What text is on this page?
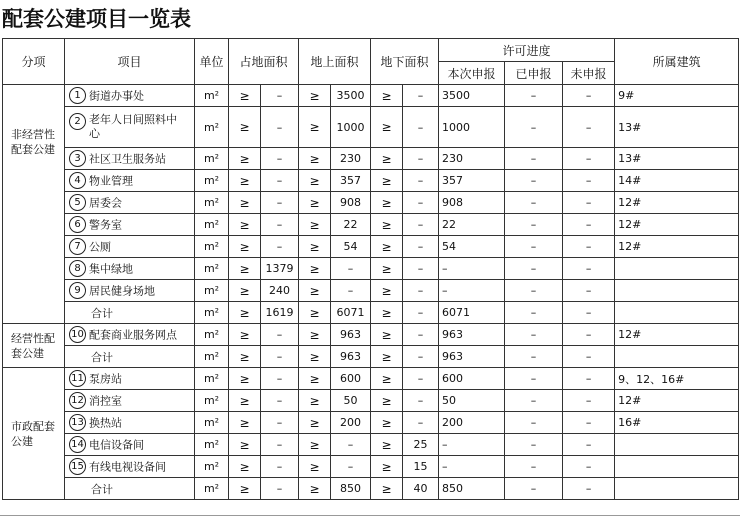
配套公建项目一览表
分项	项目	单位	占地面积		地上面积		地下面积		许可进度			所属建筑
									本次申报	已申报	未申报	
非经营性配套公建	1 街道办事处	m²	≥	–	≥	3500	≥	–	3500	–	–	9#
	2 老年人日间照料中心	m²	≥	–	≥	1000	≥	–	1000	–	–	13#
	3 社区卫生服务站	m²	≥	–	≥	230	≥	–	230	–	–	13#
	4 物业管理	m²	≥	–	≥	357	≥	–	357	–	–	14#
	5 居委会	m²	≥	–	≥	908	≥	–	908	–	–	12#
	6 警务室	m²	≥	–	≥	22	≥	–	22	–	–	12#
	7 公厕	m²	≥	–	≥	54	≥	–	54	–	–	12#
	8 集中绿地	m²	≥	1379	≥	–	≥	–	–	–	–	
	9 居民健身场地	m²	≥	240	≥	–	≥	–	–	–	–	
	合计	m²	≥	1619	≥	6071	≥	–	6071	–	–	
经营性配套公建	10 配套商业服务网点	m²	≥	–	≥	963	≥	–	963	–	–	12#
	合计	m²	≥	–	≥	963	≥	–	963	–	–	
市政配套公建	11 泵房站	m²	≥	–	≥	600	≥	–	600	–	–	9、12、16#
	12 消控室	m²	≥	–	≥	50	≥	–	50	–	–	12#
	13 换热站	m²	≥	–	≥	200	≥	–	200	–	–	16#
	14 电信设备间	m²	≥	–	≥	–	≥	25	–	–	–	
	15 有线电视设备间	m²	≥	–	≥	–	≥	15	–	–	–	
	合计	m²	≥	–	≥	850	≥	40	850	–	–	
